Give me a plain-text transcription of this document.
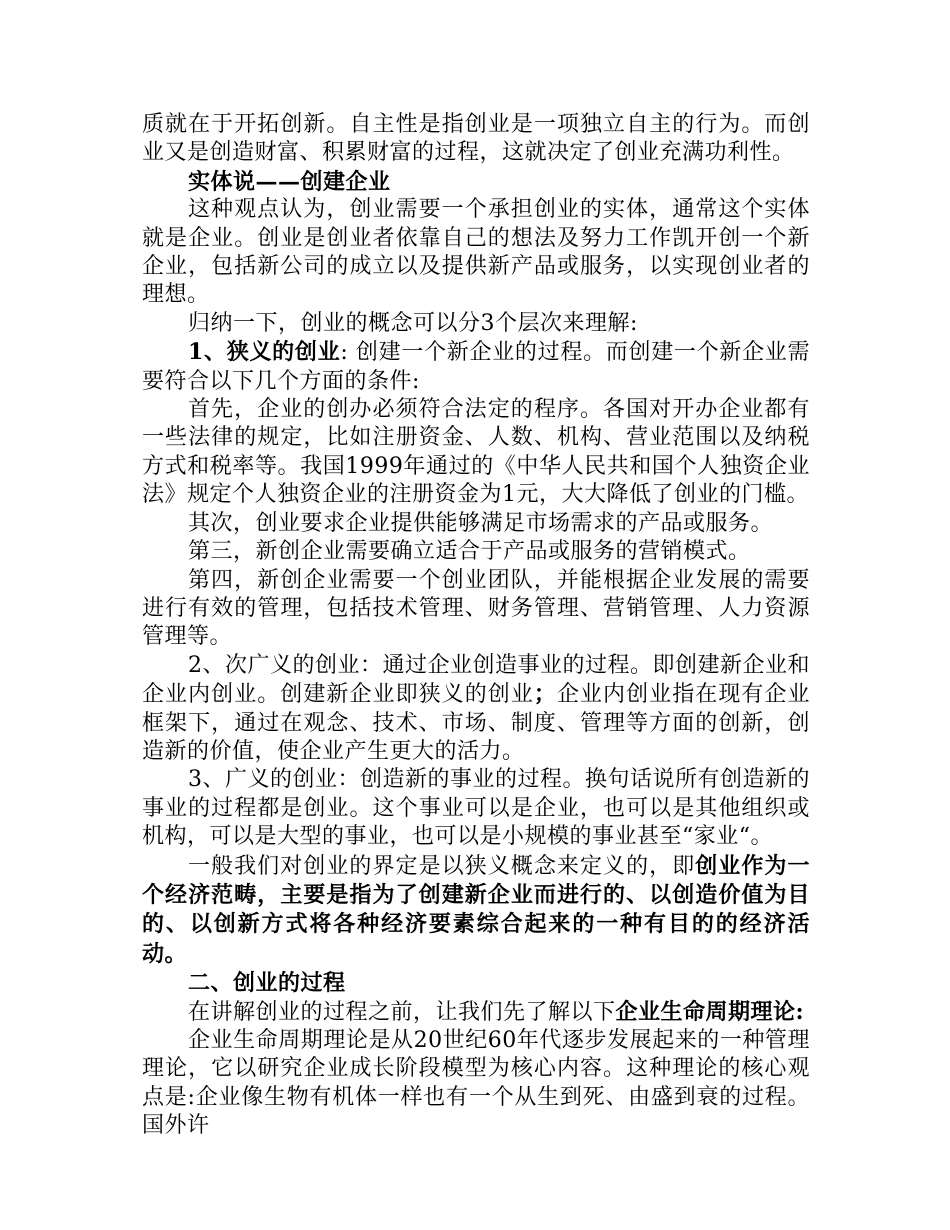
质就在于开拓创新。自主性是指创业是一项独立自主的行为。而创业又是创造财富、积累财富的过程，这就决定了创业充满功利性。

实体说——创建企业

这种观点认为，创业需要一个承担创业的实体，通常这个实体就是企业。创业是创业者依靠自己的想法及努力工作凯开创一个新企业，包括新公司的成立以及提供新产品或服务，以实现创业者的理想。

归纳一下，创业的概念可以分3个层次来理解:

1、狭义的创业: 创建一个新企业的过程。而创建一个新企业需要符合以下几个方面的条件:

首先，企业的创办必须符合法定的程序。各国对开办企业都有一些法律的规定，比如注册资金、人数、机构、营业范围以及纳税方式和税率等。我国1999年通过的《中华人民共和国个人独资企业法》规定个人独资企业的注册资金为1元，大大降低了创业的门槛。

其次，创业要求企业提供能够满足市场需求的产品或服务。

第三，新创企业需要确立适合于产品或服务的营销模式。

第四，新创企业需要一个创业团队，并能根据企业发展的需要进行有效的管理，包括技术管理、财务管理、营销管理、人力资源管理等。

2、次广义的创业：通过企业创造事业的过程。即创建新企业和企业内创业。创建新企业即狭义的创业；企业内创业指在现有企业框架下，通过在观念、技术、市场、制度、管理等方面的创新，创造新的价值，使企业产生更大的活力。

3、广义的创业：创造新的事业的过程。换句话说所有创造新的事业的过程都是创业。这个事业可以是企业，也可以是其他组织或机构，可以是大型的事业，也可以是小规模的事业甚至“家业“。

一般我们对创业的界定是以狭义概念来定义的，即创业作为一个经济范畴，主要是指为了创建新企业而进行的、以创造价值为目的、以创新方式将各种经济要素综合起来的一种有目的的经济活动。

二、创业的过程

在讲解创业的过程之前，让我们先了解以下企业生命周期理论:

企业生命周期理论是从20世纪60年代逐步发展起来的一种管理理论，它以研究企业成长阶段模型为核心内容。这种理论的核心观点是:企业像生物有机体一样也有一个从生到死、由盛到衰的过程。国外许
